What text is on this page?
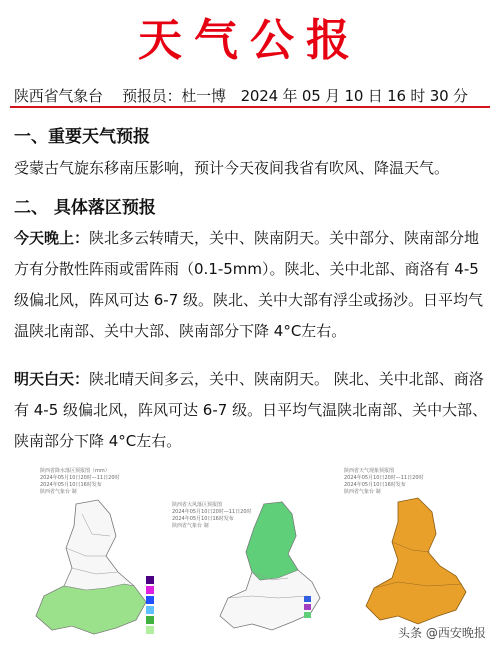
天气公报
陕西省气象台　 预报员：杜一博　2024 年 05 月 10 日 16 时 30 分
一、重要天气预报
受蒙古气旋东移南压影响，预计今天夜间我省有吹风、降温天气。
二、 具体落区预报
今天晚上：陕北多云转晴天，关中、陕南阴天。关中部分、陕南部分地方有分散性阵雨或雷阵雨（0.1-5mm）。陕北、关中北部、商洛有 4-5 级偏北风，阵风可达 6-7 级。陕北、关中大部有浮尘或扬沙。日平均气温陕北南部、关中大部、陕南部分下降 4°C左右。
明天白天：陕北晴天间多云，关中、陕南阴天。 陕北、关中北部、商洛有 4-5 级偏北风，阵风可达 6-7 级。日平均气温陕北南部、关中大部、陕南部分下降 4°C左右。
陕西省降水落区预报图（mm）
2024年05月10日20时—11日20时
2024年05月10日16时发布
陕西省气象台 制
陕西省大风落区预报图
2024年05月10日20时—11日20时
2024年05月10日16时发布
陕西省气象台 制
陕西省天气现象预报图
2024年05月10日20时—11日20时
2024年05月10日16时发布
陕西省气象台 制
头条 @西安晚报
